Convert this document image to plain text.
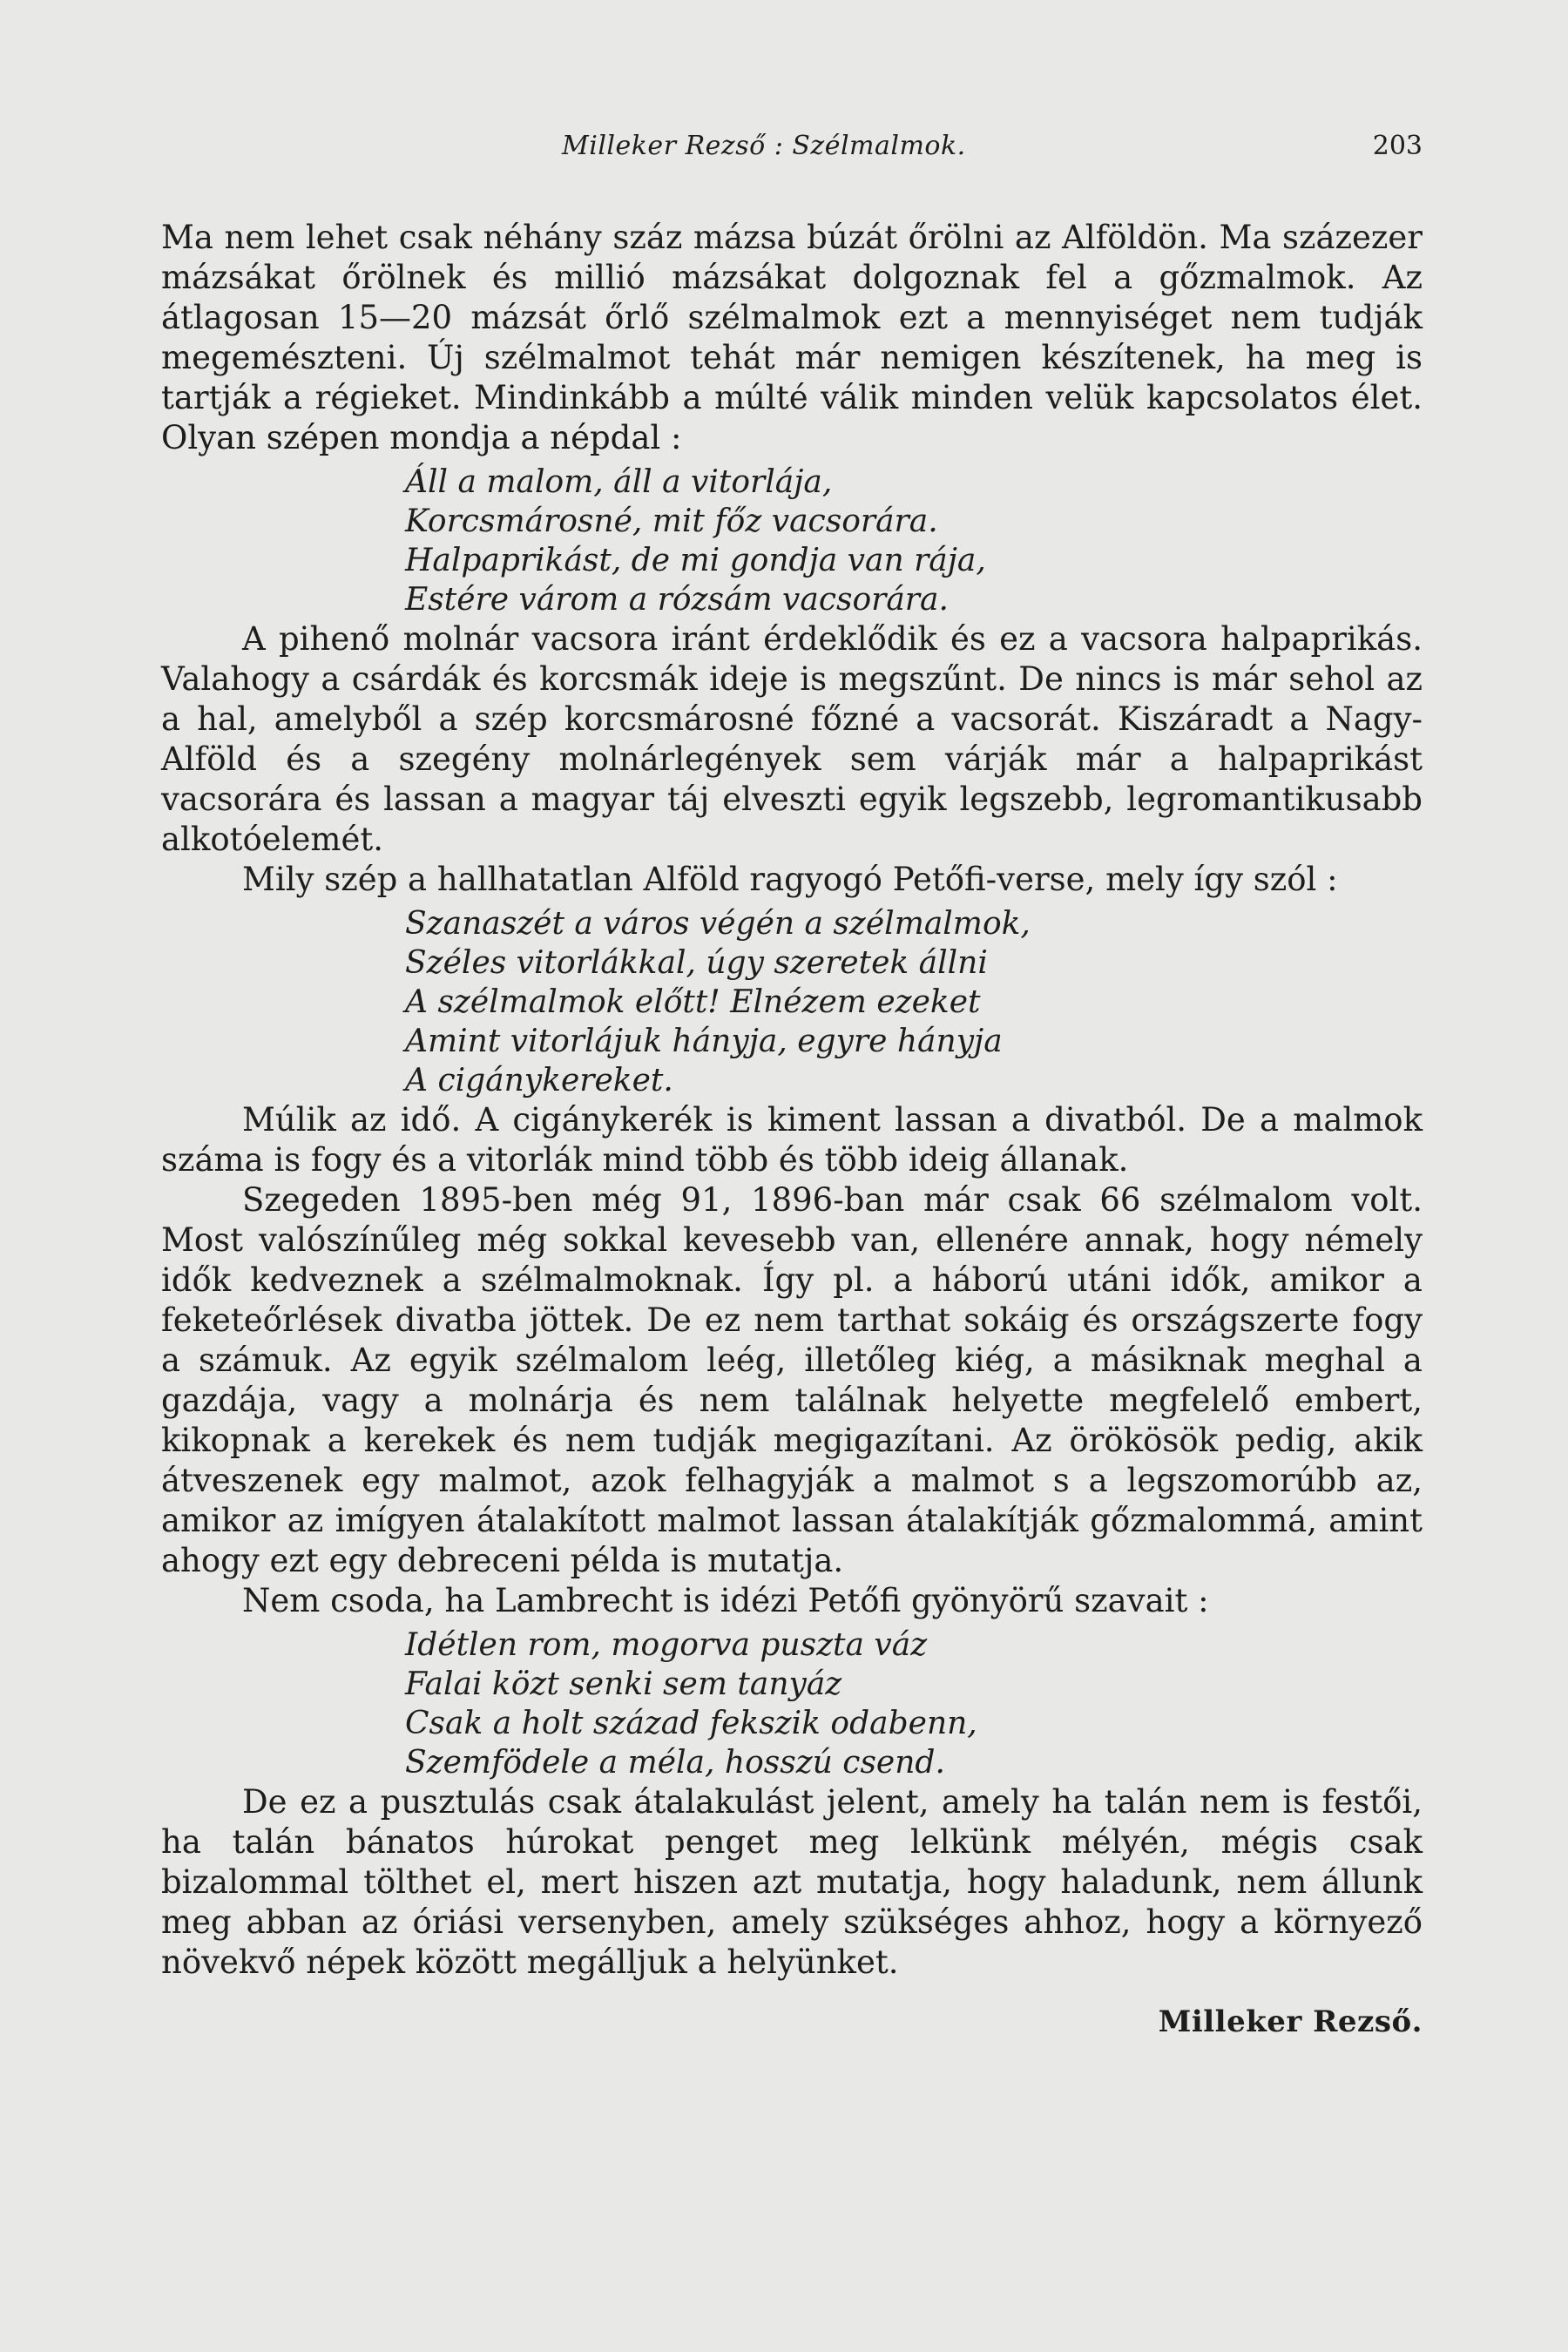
Milleker Rezső : Szélmalmok.	203

Ma nem lehet csak néhány száz mázsa búzát őrölni az Alföldön. Ma százezer mázsákat őrölnek és millió mázsákat dolgoznak fel a gőzmalmok. Az átlagosan 15—20 mázsát őrlő szélmalmok ezt a mennyiséget nem tudják megemészteni. Új szélmalmot tehát már nemigen készítenek, ha meg is tartják a régieket. Mindinkább a múlté válik minden velük kapcsolatos élet. Olyan szépen mondja a népdal :

Áll a malom, áll a vitorlája,
Korcsmárosné, mit főz vacsorára.
Halpaprikást, de mi gondja van rája,
Estére várom a rózsám vacsorára.

A pihenő molnár vacsora iránt érdeklődik és ez a vacsora halpaprikás. Valahogy a csárdák és korcsmák ideje is megszűnt. De nincs is már sehol az a hal, amelyből a szép korcsmárosné főzné a vacsorát. Kiszáradt a Nagy-Alföld és a szegény molnárlegények sem várják már a halpaprikást vacsorára és lassan a magyar táj elveszti egyik legszebb, legromantikusabb alkotóelemét.

Mily szép a hallhatatlan Alföld ragyogó Petőfi-verse, mely így szól :

Szanaszét a város végén a szélmalmok,
Széles vitorlákkal, úgy szeretek állni
A szélmalmok előtt! Elnézem ezeket
Amint vitorlájuk hányja, egyre hányja
A cigánykereket.

Múlik az idő. A cigánykerék is kiment lassan a divatból. De a malmok száma is fogy és a vitorlák mind több és több ideig állanak.

Szegeden 1895-ben még 91, 1896-ban már csak 66 szélmalom volt. Most valószínűleg még sokkal kevesebb van, ellenére annak, hogy némely idők kedveznek a szélmalmoknak. Így pl. a háború utáni idők, amikor a feketeőrlések divatba jöttek. De ez nem tarthat sokáig és országszerte fogy a számuk. Az egyik szélmalom leég, illetőleg kiég, a másiknak meghal a gazdája, vagy a molnárja és nem találnak helyette megfelelő embert, kikopnak a kerekek és nem tudják megigazítani. Az örökösök pedig, akik átveszenek egy malmot, azok felhagyják a malmot s a legszomorúbb az, amikor az imígyen átalakított malmot lassan átalakítják gőzmalommá, amint ahogy ezt egy debreceni példa is mutatja.

Nem csoda, ha Lambrecht is idézi Petőfi gyönyörű szavait :

Idétlen rom, mogorva puszta váz
Falai közt senki sem tanyáz
Csak a holt század fekszik odabenn,
Szemfödele a méla, hosszú csend.

De ez a pusztulás csak átalakulást jelent, amely ha talán nem is festői, ha talán bánatos húrokat penget meg lelkünk mélyén, mégis csak bizalommal tölthet el, mert hiszen azt mutatja, hogy haladunk, nem állunk meg abban az óriási versenyben, amely szükséges ahhoz, hogy a környező növekvő népek között megálljuk a helyünket.

Milleker Rezső.
